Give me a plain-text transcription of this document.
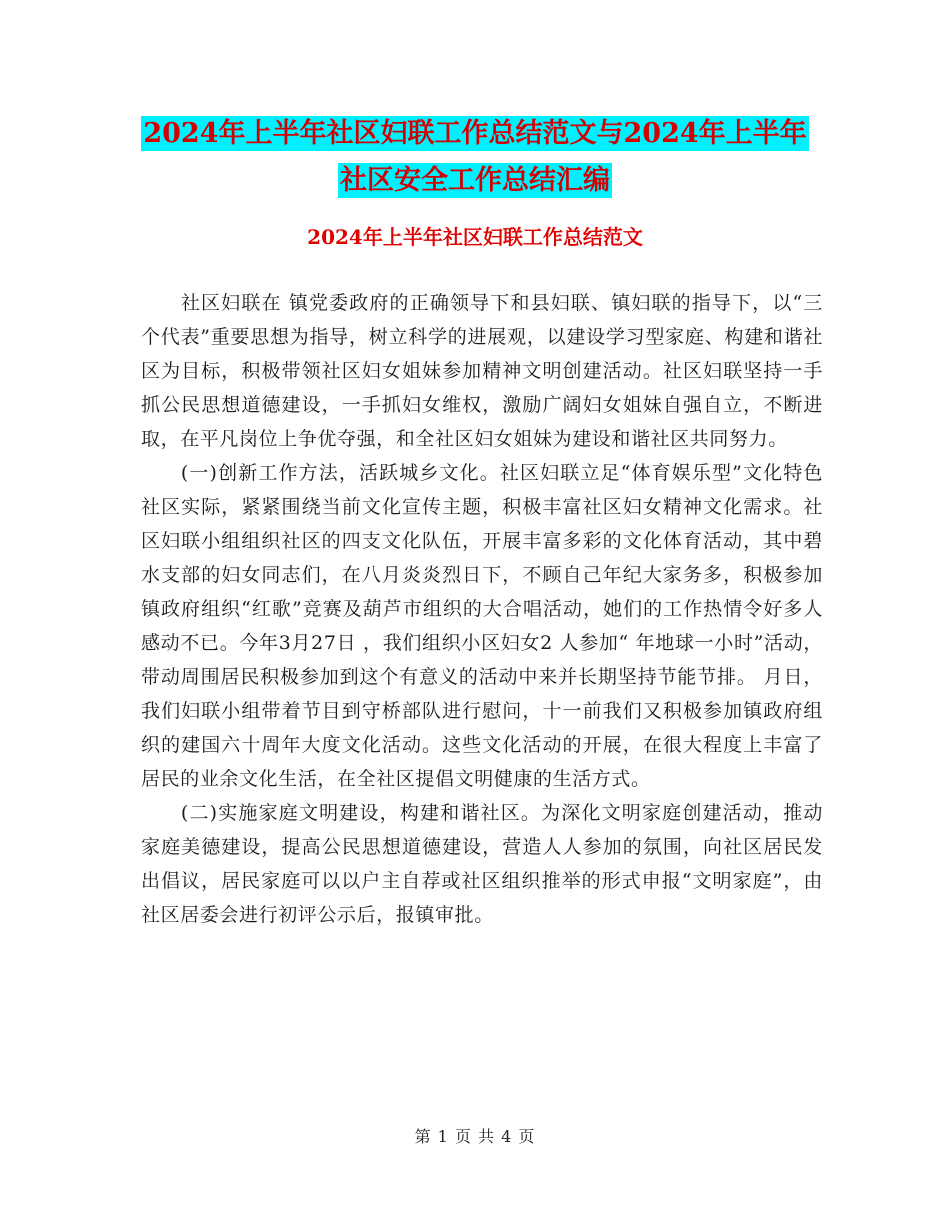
2024年上半年社区妇联工作总结范文与2024年上半年
社区安全工作总结汇编
2024年上半年社区妇联工作总结范文

社区妇联在 镇党委政府的正确领导下和县妇联、镇妇联的指导下，以“三个代表”重要思想为指导，树立科学的进展观，以建设学习型家庭、构建和谐社区为目标，积极带领社区妇女姐妹参加精神文明创建活动。社区妇联坚持一手抓公民思想道德建设，一手抓妇女维权，激励广阔妇女姐妹自强自立，不断进取，在平凡岗位上争优夺强，和全社区妇女姐妹为建设和谐社区共同努力。

(一)创新工作方法，活跃城乡文化。社区妇联立足“体育娱乐型”文化特色社区实际，紧紧围绕当前文化宣传主题，积极丰富社区妇女精神文化需求。社区妇联小组组织社区的四支文化队伍，开展丰富多彩的文化体育活动，其中碧水支部的妇女同志们，在八月炎炎烈日下，不顾自己年纪大家务多，积极参加镇政府组织“红歌”竞赛及葫芦市组织的大合唱活动，她们的工作热情令好多人感动不已。今年3月27日 ，我们组织小区妇女2 人参加“ 年地球一小时”活动，带动周围居民积极参加到这个有意义的活动中来并长期坚持节能节排。 月日，我们妇联小组带着节目到守桥部队进行慰问，十一前我们又积极参加镇政府组织的建国六十周年大度文化活动。这些文化活动的开展，在很大程度上丰富了居民的业余文化生活，在全社区提倡文明健康的生活方式。

(二)实施家庭文明建设，构建和谐社区。为深化文明家庭创建活动，推动家庭美德建设，提高公民思想道德建设，营造人人参加的氛围，向社区居民发出倡议，居民家庭可以以户主自荐或社区组织推举的形式申报“文明家庭”，由社区居委会进行初评公示后，报镇审批。

第 1 页 共 4 页
